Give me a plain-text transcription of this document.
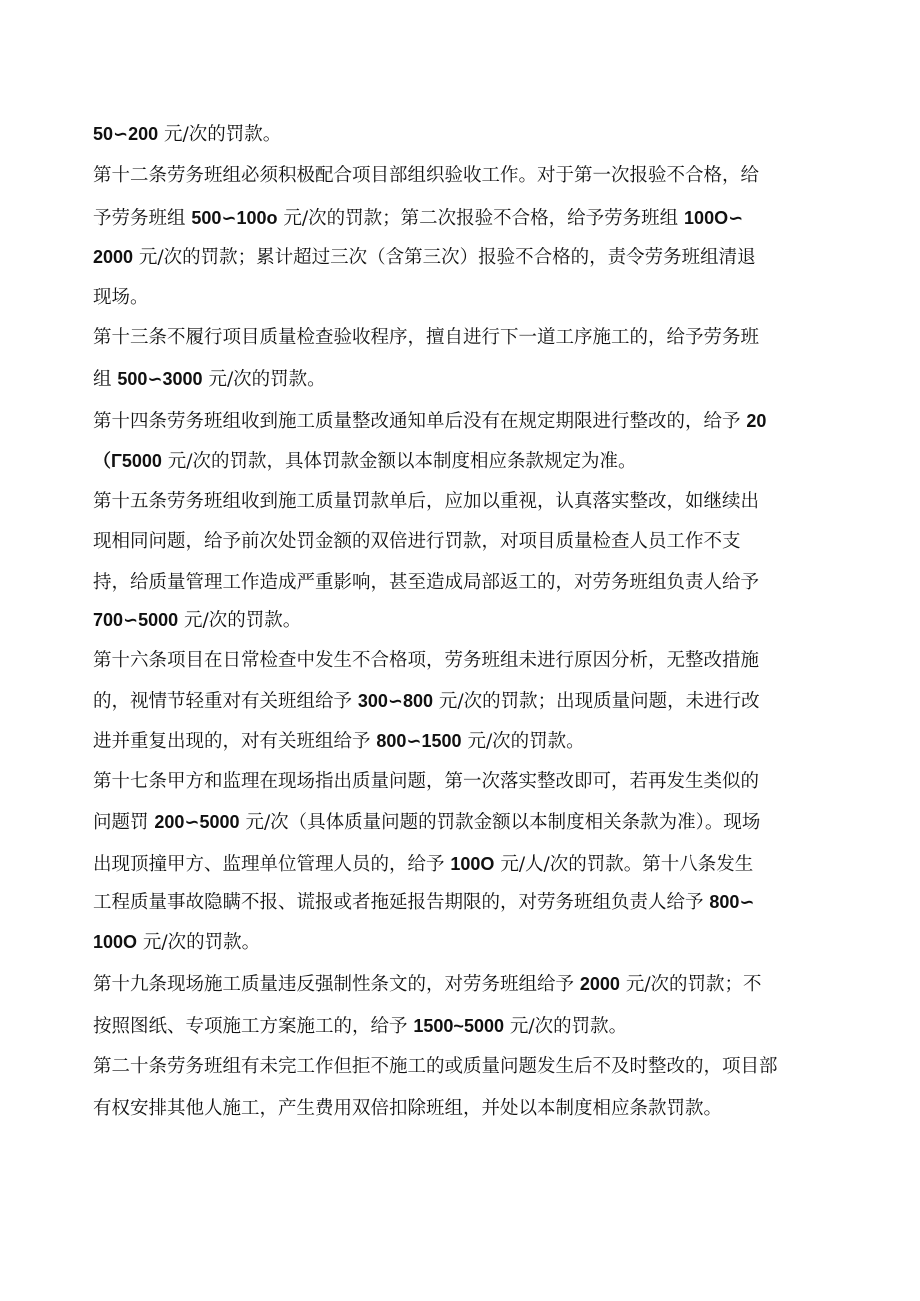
50∽200 元/次的罚款。
第十二条劳务班组必须积极配合项目部组织验收工作。对于第一次报验不合格，给
予劳务班组 500∽100o 元/次的罚款；第二次报验不合格，给予劳务班组 100O∽
2000 元/次的罚款；累计超过三次（含第三次）报验不合格的，责令劳务班组清退
现场。
第十三条不履行项目质量检查验收程序，擅自进行下一道工序施工的，给予劳务班
组 500∽3000 元/次的罚款。
第十四条劳务班组收到施工质量整改通知单后没有在规定期限进行整改的，给予 20
（Γ5000 元/次的罚款，具体罚款金额以本制度相应条款规定为准。
第十五条劳务班组收到施工质量罚款单后，应加以重视，认真落实整改，如继续出
现相同问题，给予前次处罚金额的双倍进行罚款，对项目质量检查人员工作不支
持，给质量管理工作造成严重影响，甚至造成局部返工的，对劳务班组负责人给予
700∽5000 元/次的罚款。
第十六条项目在日常检查中发生不合格项，劳务班组未进行原因分析，无整改措施
的，视情节轻重对有关班组给予 300∽800 元/次的罚款；出现质量问题，未进行改
进并重复出现的，对有关班组给予 800∽1500 元/次的罚款。
第十七条甲方和监理在现场指出质量问题，第一次落实整改即可，若再发生类似的
问题罚 200∽5000 元/次（具体质量问题的罚款金额以本制度相关条款为准）。现场
出现顶撞甲方、监理单位管理人员的，给予 100O 元/人/次的罚款。第十八条发生
工程质量事故隐瞒不报、谎报或者拖延报告期限的，对劳务班组负责人给予 800∽
100O 元/次的罚款。
第十九条现场施工质量违反强制性条文的，对劳务班组给予 2000 元/次的罚款；不
按照图纸、专项施工方案施工的，给予 1500~5000 元/次的罚款。
第二十条劳务班组有未完工作但拒不施工的或质量问题发生后不及时整改的，项目部
有权安排其他人施工，产生费用双倍扣除班组，并处以本制度相应条款罚款。
